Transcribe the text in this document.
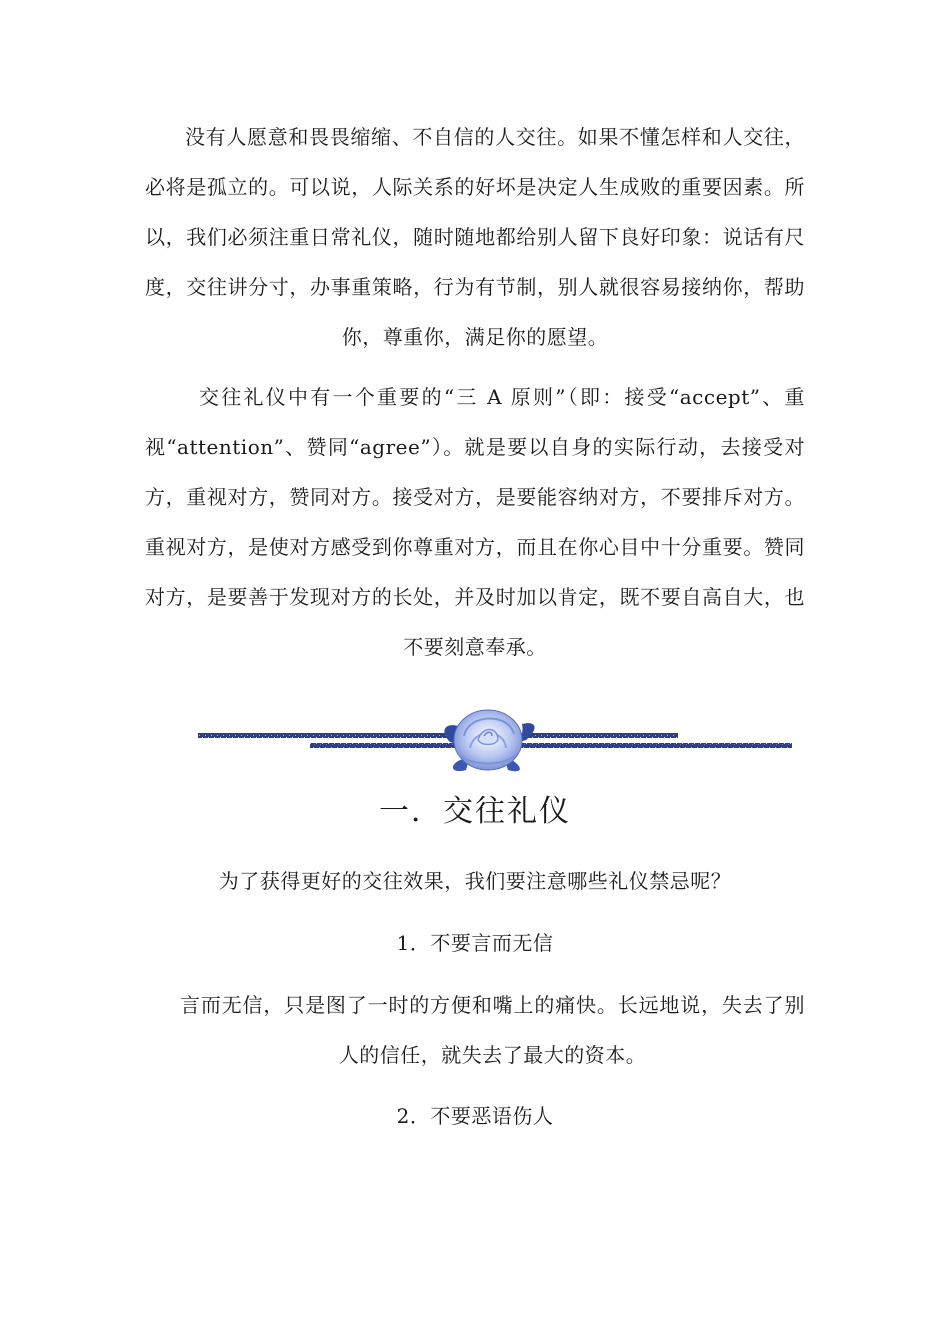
没有人愿意和畏畏缩缩、不自信的人交往。如果不懂怎样和人交往，必将是孤立的。可以说，人际关系的好坏是决定人生成败的重要因素。所以，我们必须注重日常礼仪，随时随地都给别人留下良好印象：说话有尺度，交往讲分寸，办事重策略，行为有节制，别人就很容易接纳你，帮助你，尊重你，满足你的愿望。

交往礼仪中有一个重要的“三 A 原则”（即：接受“accept”、重视“attention”、赞同“agree”）。就是要以自身的实际行动，去接受对方，重视对方，赞同对方。接受对方，是要能容纳对方，不要排斥对方。重视对方，是使对方感受到你尊重对方，而且在你心目中十分重要。赞同对方，是要善于发现对方的长处，并及时加以肯定，既不要自高自大，也不要刻意奉承。

一．交往礼仪
为了获得更好的交往效果，我们要注意哪些礼仪禁忌呢？
1．不要言而无信

言而无信，只是图了一时的方便和嘴上的痛快。长远地说，失去了别人的信任，就失去了最大的资本。

2．不要恶语伤人
